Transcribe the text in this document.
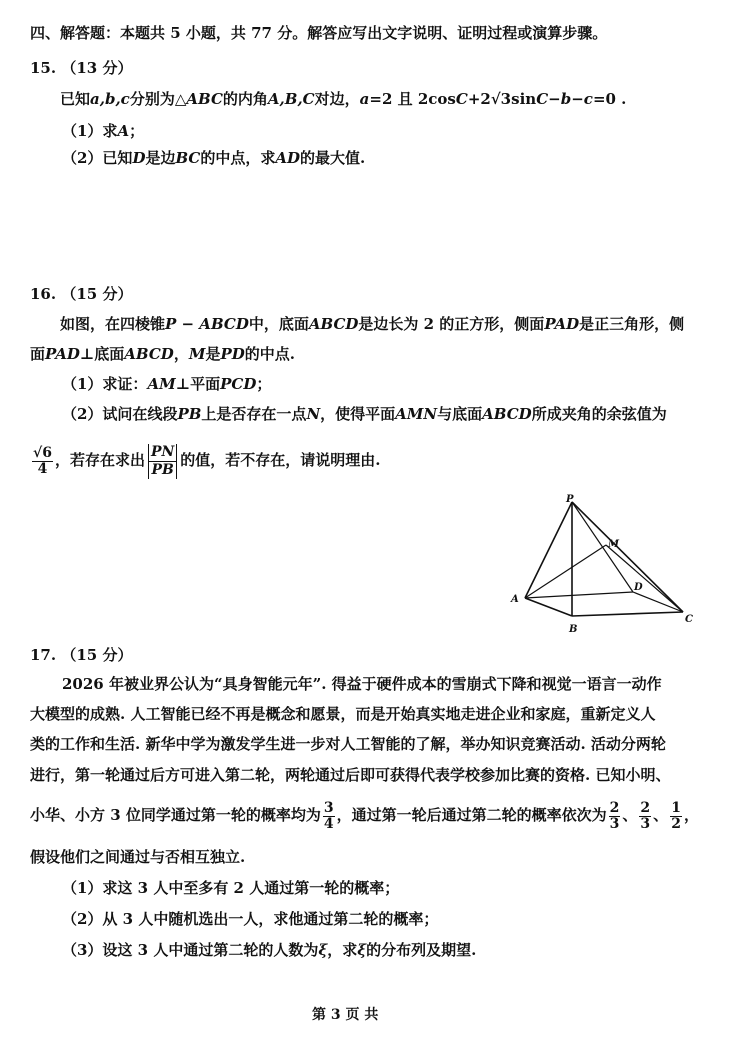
四、解答题：本题共 5 小题，共 77 分。解答应写出文字说明、证明过程或演算步骤。
15. （13 分）
已知a,b,c分别为△ABC的内角A,B,C对边，a=2 且 2cosC+2√3sinC−b−c=0 .
（1）求A；
（2）已知D是边BC的中点，求AD的最大值.
16. （15 分）
如图，在四棱锥P − ABCD中，底面ABCD是边长为 2 的正方形，侧面PAD是正三角形，侧
面PAD⊥底面ABCD，M是PD的中点.
（1）求证：AM⊥平面PCD；
（2）试问在线段PB上是否存在一点N，使得平面AMN与底面ABCD所成夹角的余弦值为
$\frac{√6}{4}$ ，若存在求出 $\frac{PN}{PB}$ 的值，若不存在，请说明理由.
P
M
D
A
B
C
17. （15 分）
2026 年被业界公认为“具身智能元年”. 得益于硬件成本的雪崩式下降和视觉一语言一动作
大模型的成熟. 人工智能已经不再是概念和愿景，而是开始真实地走进企业和家庭，重新定义人
类的工作和生活. 新华中学为激发学生进一步对人工智能的了解，举办知识竞赛活动. 活动分两轮
进行，第一轮通过后方可进入第二轮，两轮通过后即可获得代表学校参加比赛的资格. 已知小明、
小华、小方 3 位同学通过第一轮的概率均为 $\frac{3}{4}$ ，通过第一轮后通过第二轮的概率依次为 $\frac{2}{3}$ 、 $\frac{2}{3}$ 、 $\frac{1}{2}$ ，
假设他们之间通过与否相互独立.
（1）求这 3 人中至多有 2 人通过第一轮的概率；
（2）从 3 人中随机选出一人，求他通过第二轮的概率；
（3）设这 3 人中通过第二轮的人数为ξ，求ξ的分布列及期望.
第 3 页 共
